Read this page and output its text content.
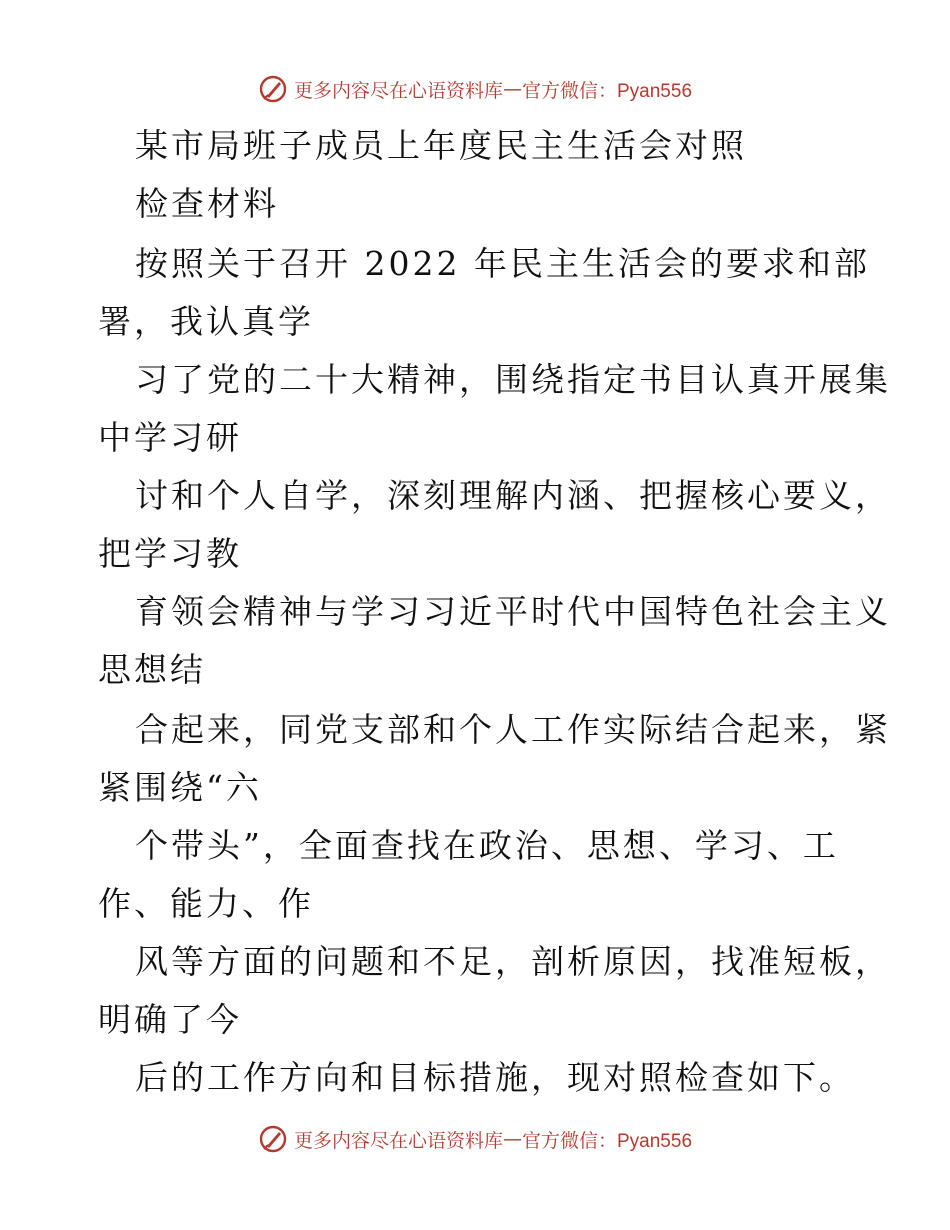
更多内容尽在心语资料库 — 官方微信：Pyan556
某市局班子成员上年度民主生活会对照
检查材料
按照关于召开 2022 年民主生活会的要求和部
署，我认真学
习了党的二十大精神，围绕指定书目认真开展集
中学习研
讨和个人自学，深刻理解内涵、把握核心要义，
把学习教
育领会精神与学习习近平时代中国特色社会主义
思想结
合起来，同党支部和个人工作实际结合起来，紧
紧围绕“六
个带头”，全面查找在政治、思想、学习、工
作、能力、作
风等方面的问题和不足，剖析原因，找准短板，
明确了今
后的工作方向和目标措施，现对照检查如下。
更多内容尽在心语资料库 — 官方微信：Pyan556
